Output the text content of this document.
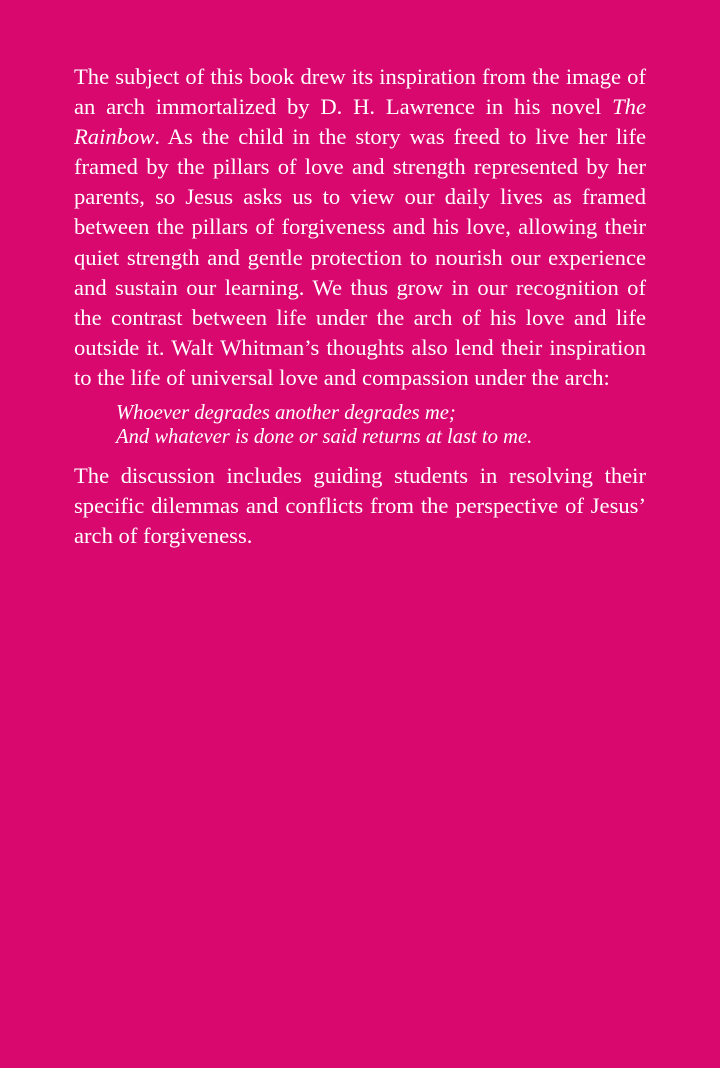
The subject of this book drew its inspiration from the image of an arch immortalized by D. H. Lawrence in his novel The Rainbow. As the child in the story was freed to live her life framed by the pillars of love and strength represented by her parents, so Jesus asks us to view our daily lives as framed between the pillars of forgiveness and his love, allowing their quiet strength and gentle protection to nourish our experience and sustain our learning. We thus grow in our recognition of the contrast between life under the arch of his love and life outside it. Walt Whitman’s thoughts also lend their inspiration to the life of universal love and compassion under the arch:

Whoever degrades another degrades me;
And whatever is done or said returns at last to me.

The discussion includes guiding students in resolving their specific dilemmas and conflicts from the perspective of Jesus’ arch of forgiveness.
